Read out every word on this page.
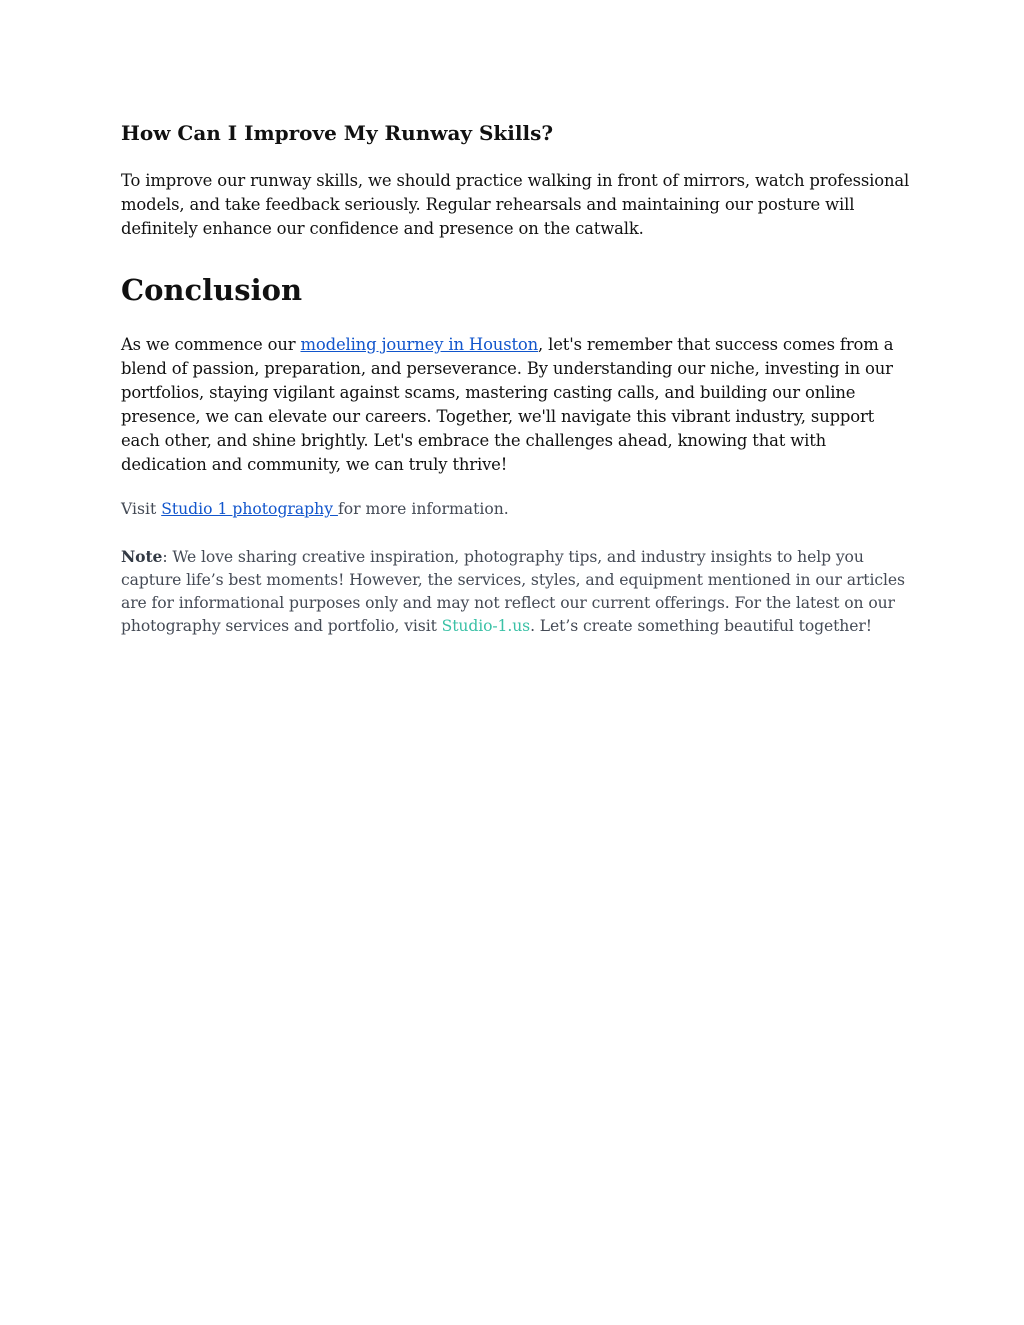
How Can I Improve My Runway Skills?

To improve our runway skills, we should practice walking in front of mirrors, watch professional models, and take feedback seriously. Regular rehearsals and maintaining our posture will definitely enhance our confidence and presence on the catwalk.

Conclusion

As we commence our modeling journey in Houston, let's remember that success comes from a blend of passion, preparation, and perseverance. By understanding our niche, investing in our portfolios, staying vigilant against scams, mastering casting calls, and building our online presence, we can elevate our careers. Together, we'll navigate this vibrant industry, support each other, and shine brightly. Let's embrace the challenges ahead, knowing that with dedication and community, we can truly thrive!

Visit Studio 1 photography for more information.

Note: We love sharing creative inspiration, photography tips, and industry insights to help you capture life’s best moments! However, the services, styles, and equipment mentioned in our articles are for informational purposes only and may not reflect our current offerings. For the latest on our photography services and portfolio, visit Studio-1.us. Let’s create something beautiful together!
